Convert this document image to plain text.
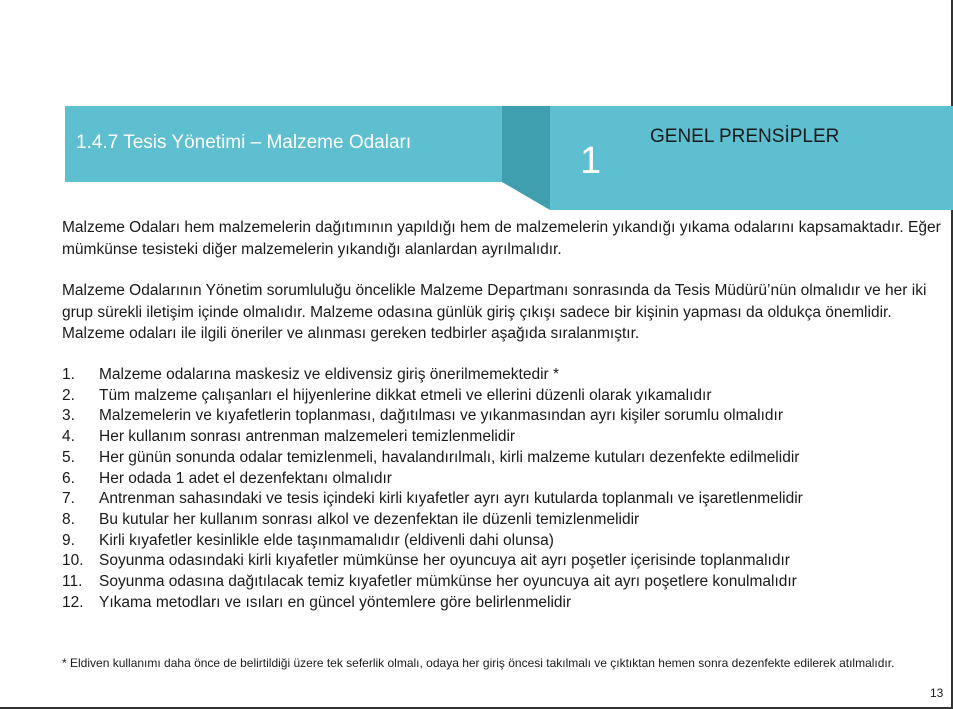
1.4.7 Tesis Yönetimi – Malzeme Odaları	1
GENEL PRENSİPLER

Malzeme Odaları hem malzemelerin dağıtımının yapıldığı hem de malzemelerin yıkandığı yıkama odalarını kapsamaktadır. Eğer mümkünse tesisteki diğer malzemelerin yıkandığı alanlardan ayrılmalıdır.

Malzeme Odalarının Yönetim sorumluluğu öncelikle Malzeme Departmanı sonrasında da Tesis Müdürü’nün olmalıdır ve her iki grup sürekli iletişim içinde olmalıdır. Malzeme odasına günlük giriş çıkışı sadece bir kişinin yapması da oldukça önemlidir. Malzeme odaları ile ilgili öneriler ve alınması gereken tedbirler aşağıda sıralanmıştır.

1.	Malzeme odalarına maskesiz ve eldivensiz giriş önerilmemektedir *
2.	Tüm malzeme çalışanları el hijyenlerine dikkat etmeli ve ellerini düzenli olarak yıkamalıdır
3.	Malzemelerin ve kıyafetlerin toplanması, dağıtılması ve yıkanmasından ayrı kişiler sorumlu olmalıdır
4.	Her kullanım sonrası antrenman malzemeleri temizlenmelidir
5.	Her günün sonunda odalar temizlenmeli, havalandırılmalı, kirli malzeme kutuları dezenfekte edilmelidir
6.	Her odada 1 adet el dezenfektanı olmalıdır
7.	Antrenman sahasındaki ve tesis içindeki kirli kıyafetler ayrı ayrı kutularda toplanmalı ve işaretlenmelidir
8.	Bu kutular her kullanım sonrası alkol ve dezenfektan ile düzenli temizlenmelidir
9.	Kirli kıyafetler kesinlikle elde taşınmamalıdır (eldivenli dahi olunsa)
10. Soyunma odasındaki kirli kıyafetler mümkünse her oyuncuya ait ayrı poşetler içerisinde toplanmalıdır
11.	Soyunma odasına dağıtılacak temiz kıyafetler mümkünse her oyuncuya ait ayrı poşetlere konulmalıdır
12. Yıkama metodları ve ısıları en güncel yöntemlere göre belirlenmelidir

* Eldiven kullanımı daha önce de belirtildiği üzere tek seferlik olmalı, odaya her giriş öncesi takılmalı ve çıktıktan hemen sonra dezenfekte edilerek atılmalıdır.

13
